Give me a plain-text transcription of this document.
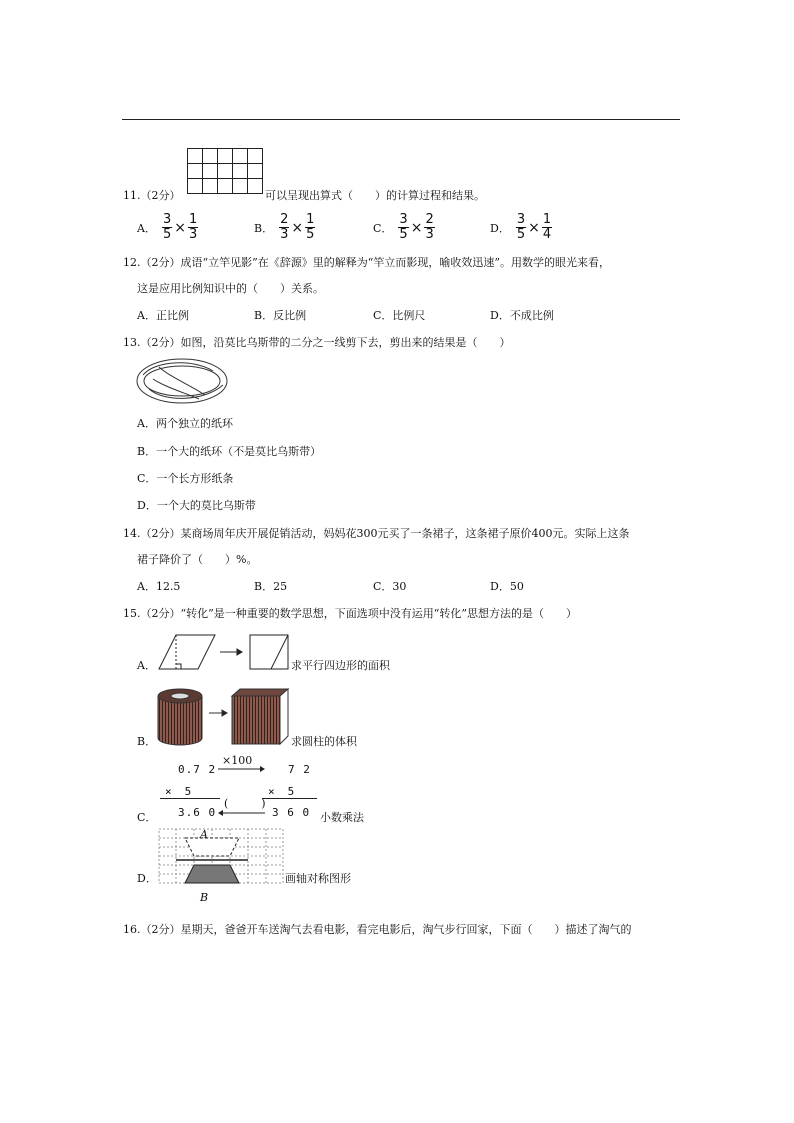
11.（2分）	可以呈现出算式（　　）的计算过程和结果。
A． $\frac{3}{5} \times \frac{1}{3}$	B． $\frac{2}{3} \times \frac{1}{5}$	C． $\frac{3}{5} \times \frac{2}{3}$	D． $\frac{3}{5} \times \frac{1}{4}$
12.（2分）成语“立竿见影”在《辞源》里的解释为“竿立而影现，喻收效迅速”。用数学的眼光来看，
这是应用比例知识中的（　　）关系。
A．正比例	B．反比例	C．比例尺	D．不成比例
13.（2分）如图，沿莫比乌斯带的二分之一线剪下去，剪出来的结果是（　　）
A．两个独立的纸环
B．一个大的纸环（不是莫比乌斯带）
C．一个长方形纸条
D．一个大的莫比乌斯带
14.（2分）某商场周年庆开展促销活动，妈妈花300元买了一条裙子，这条裙子原价400元。实际上这条
裙子降价了（　　）%。
A．12.5	B．25	C．30	D．50
15.（2分）“转化”是一种重要的数学思想，下面选项中没有运用“转化”思想方法的是（　　）
A．	求平行四边形的面积
B．	求圆柱的体积
C．
0.7 2
×　5
3.6 0
7 2
×　5
3 6 0
×100
(　　　)
小数乘法
D．
A
B
画轴对称图形
16.（2分）星期天，爸爸开车送淘气去看电影，看完电影后，淘气步行回家，下面（　　）描述了淘气的
